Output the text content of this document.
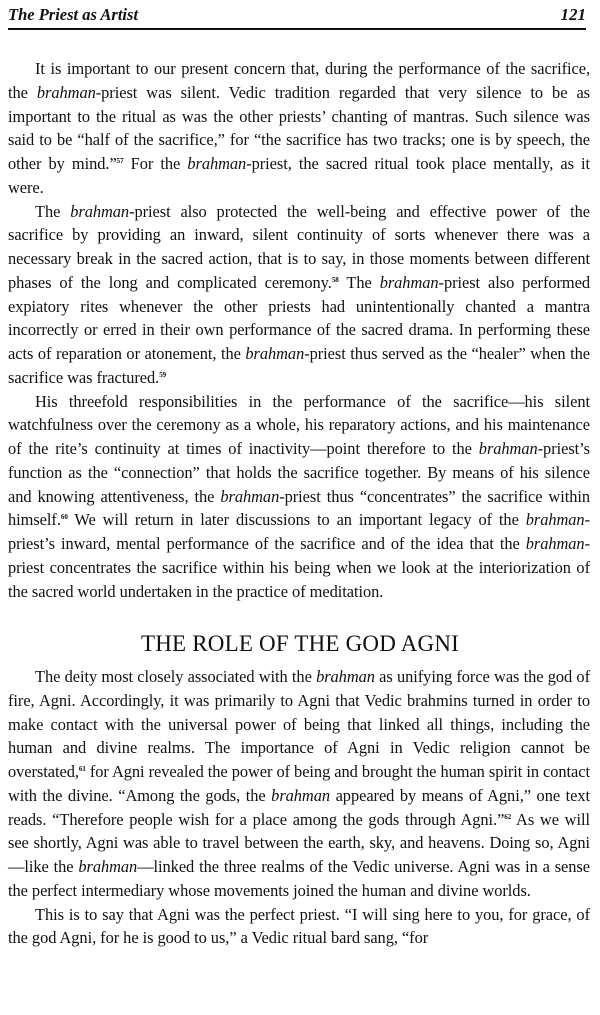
The Priest as Artist	121

It is important to our present concern that, during the performance of the sacrifice, the brahman-priest was silent. Vedic tradition regarded that very silence to be as important to the ritual as was the other priests’ chanting of mantras. Such silence was said to be “half of the sacrifice,” for “the sacrifice has two tracks; one is by speech, the other by mind.”$^{57}$ For the brahman-priest, the sacred ritual took place mentally, as it were.

The brahman-priest also protected the well-being and effective power of the sacrifice by providing an inward, silent continuity of sorts whenever there was a necessary break in the sacred action, that is to say, in those moments between different phases of the long and complicated ceremony.$^{58}$ The brahman-priest also performed expiatory rites whenever the other priests had unintentionally chanted a mantra incorrectly or erred in their own performance of the sacred drama. In performing these acts of reparation or atonement, the brahman-priest thus served as the “healer” when the sacrifice was fractured.$^{59}$

His threefold responsibilities in the performance of the sacrifice—his silent watchfulness over the ceremony as a whole, his reparatory actions, and his maintenance of the rite’s continuity at times of inactivity—point therefore to the brahman-priest’s function as the “connection” that holds the sacrifice together. By means of his silence and knowing attentiveness, the brahman-priest thus “concentrates” the sacrifice within himself.$^{60}$ We will return in later discussions to an important legacy of the brahman-priest’s inward, mental performance of the sacrifice and of the idea that the brahman-priest concentrates the sacrifice within his being when we look at the interiorization of the sacred world undertaken in the practice of meditation.

THE ROLE OF THE GOD AGNI

The deity most closely associated with the brahman as unifying force was the god of fire, Agni. Accordingly, it was primarily to Agni that Vedic brahmins turned in order to make contact with the universal power of being that linked all things, including the human and divine realms. The importance of Agni in Vedic religion cannot be overstated,$^{61}$ for Agni revealed the power of being and brought the human spirit in contact with the divine. “Among the gods, the brahman appeared by means of Agni,” one text reads. “Therefore people wish for a place among the gods through Agni.”$^{62}$ As we will see shortly, Agni was able to travel between the earth, sky, and heavens. Doing so, Agni—like the brahman—linked the three realms of the Vedic universe. Agni was in a sense the perfect intermediary whose movements joined the human and divine worlds.

This is to say that Agni was the perfect priest. “I will sing here to you, for grace, of the god Agni, for he is good to us,” a Vedic ritual bard sang, “for
